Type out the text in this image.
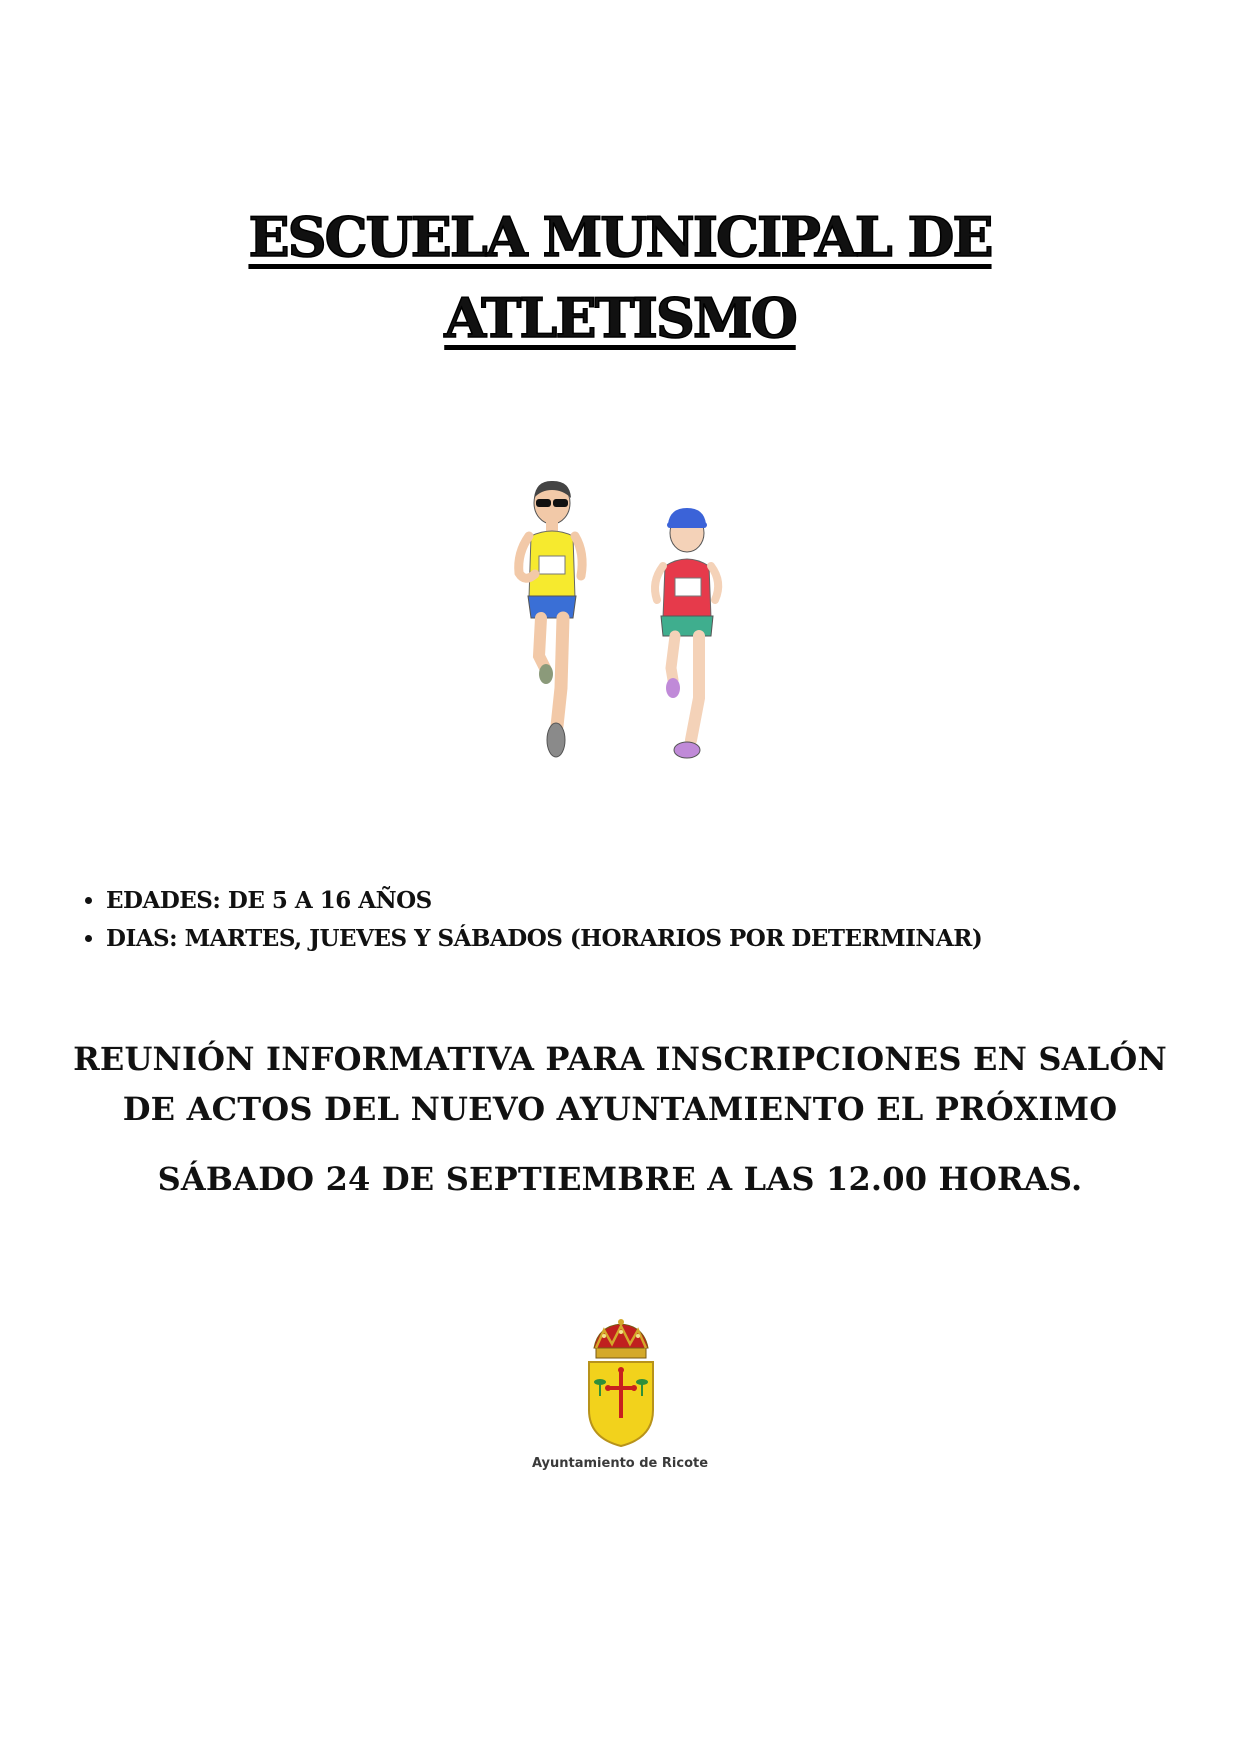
ESCUELA MUNICIPAL DE
ATLETISMO
• EDADES: DE 5 A 16 AÑOS
• DIAS: MARTES, JUEVES Y SÁBADOS (HORARIOS POR DETERMINAR)
REUNIÓN INFORMATIVA PARA INSCRIPCIONES EN SALÓN
DE ACTOS DEL NUEVO AYUNTAMIENTO EL PRÓXIMO
SÁBADO 24 DE SEPTIEMBRE A LAS 12.00 HORAS.
Ayuntamiento de Ricote
